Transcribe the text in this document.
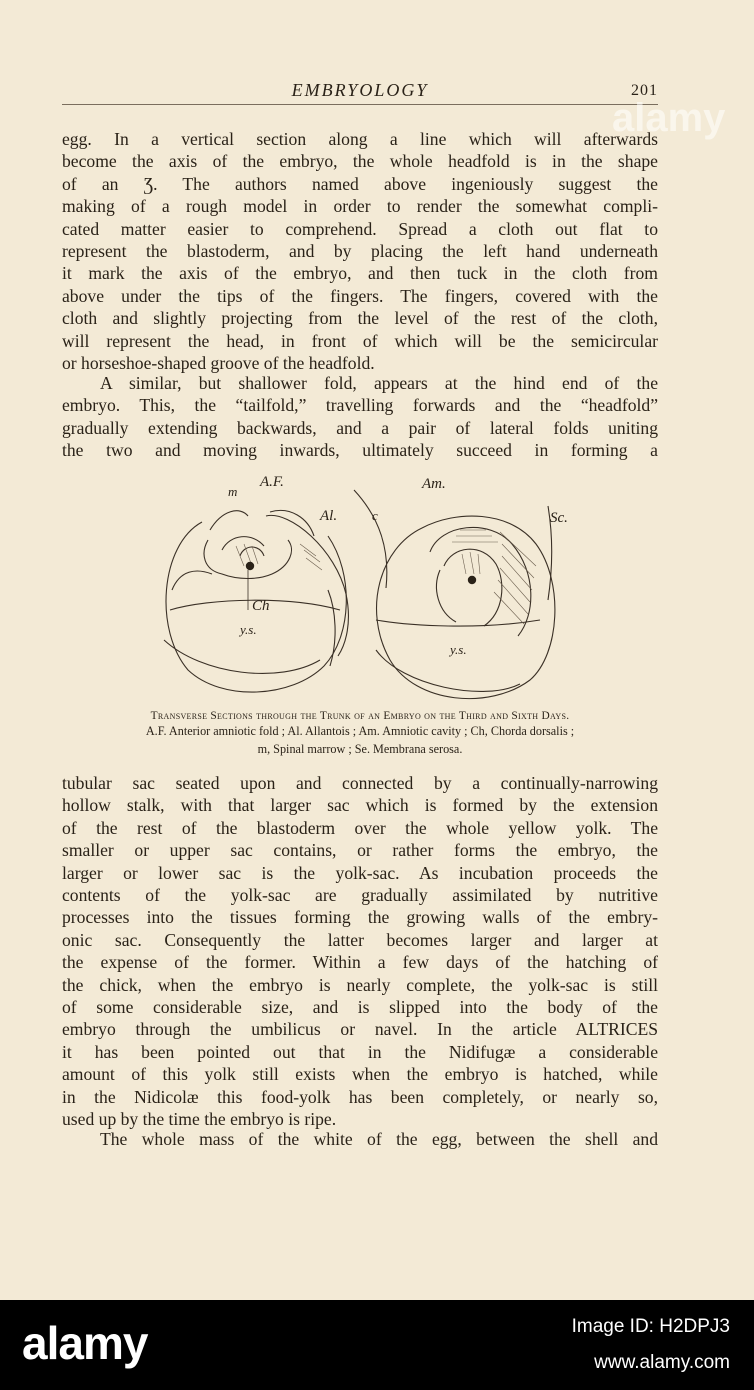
EMBRYOLOGY	201

egg. In a vertical section along a line which will afterwards
become the axis of the embryo, the whole headfold is in the shape
of an Ʒ. The authors named above ingeniously suggest the
making of a rough model in order to render the somewhat compli-
cated matter easier to comprehend. Spread a cloth out flat to
represent the blastoderm, and by placing the left hand underneath
it mark the axis of the embryo, and then tuck in the cloth from
above under the tips of the fingers. The fingers, covered with the
cloth and slightly projecting from the level of the rest of the cloth,
will represent the head, in front of which will be the semicircular
or horseshoe-shaped groove of the headfold.

A similar, but shallower fold, appears at the hind end of the
embryo. This, the “tailfold,” travelling forwards and the “headfold”
gradually extending backwards, and a pair of lateral folds uniting
the two and moving inwards, ultimately succeed in forming a

A.F.
m
Al.
Ch
y.s.
Am.
c	Sc.
y.s.
Transverse Sections through the Trunk of an Embryo on the Third and Sixth Days.
A.F. Anterior amniotic fold ; Al. Allantois ; Am. Amniotic cavity ; Ch, Chorda dorsalis ;
m, Spinal marrow ; Se. Membrana serosa.

tubular sac seated upon and connected by a continually-narrowing
hollow stalk, with that larger sac which is formed by the extension
of the rest of the blastoderm over the whole yellow yolk. The
smaller or upper sac contains, or rather forms the embryo, the
larger or lower sac is the yolk-sac. As incubation proceeds the
contents of the yolk-sac are gradually assimilated by nutritive
processes into the tissues forming the growing walls of the embry-
onic sac. Consequently the latter becomes larger and larger at
the expense of the former. Within a few days of the hatching of
the chick, when the embryo is nearly complete, the yolk-sac is still
of some considerable size, and is slipped into the body of the
embryo through the umbilicus or navel. In the article ALTRICES
it has been pointed out that in the Nidifugæ a considerable
amount of this yolk still exists when the embryo is hatched, while
in the Nidicolæ this food-yolk has been completely, or nearly so,
used up by the time the embryo is ripe.

The whole mass of the white of the egg, between the shell and

alamy
alamy	Image ID: H2DPJ3
www.alamy.com
